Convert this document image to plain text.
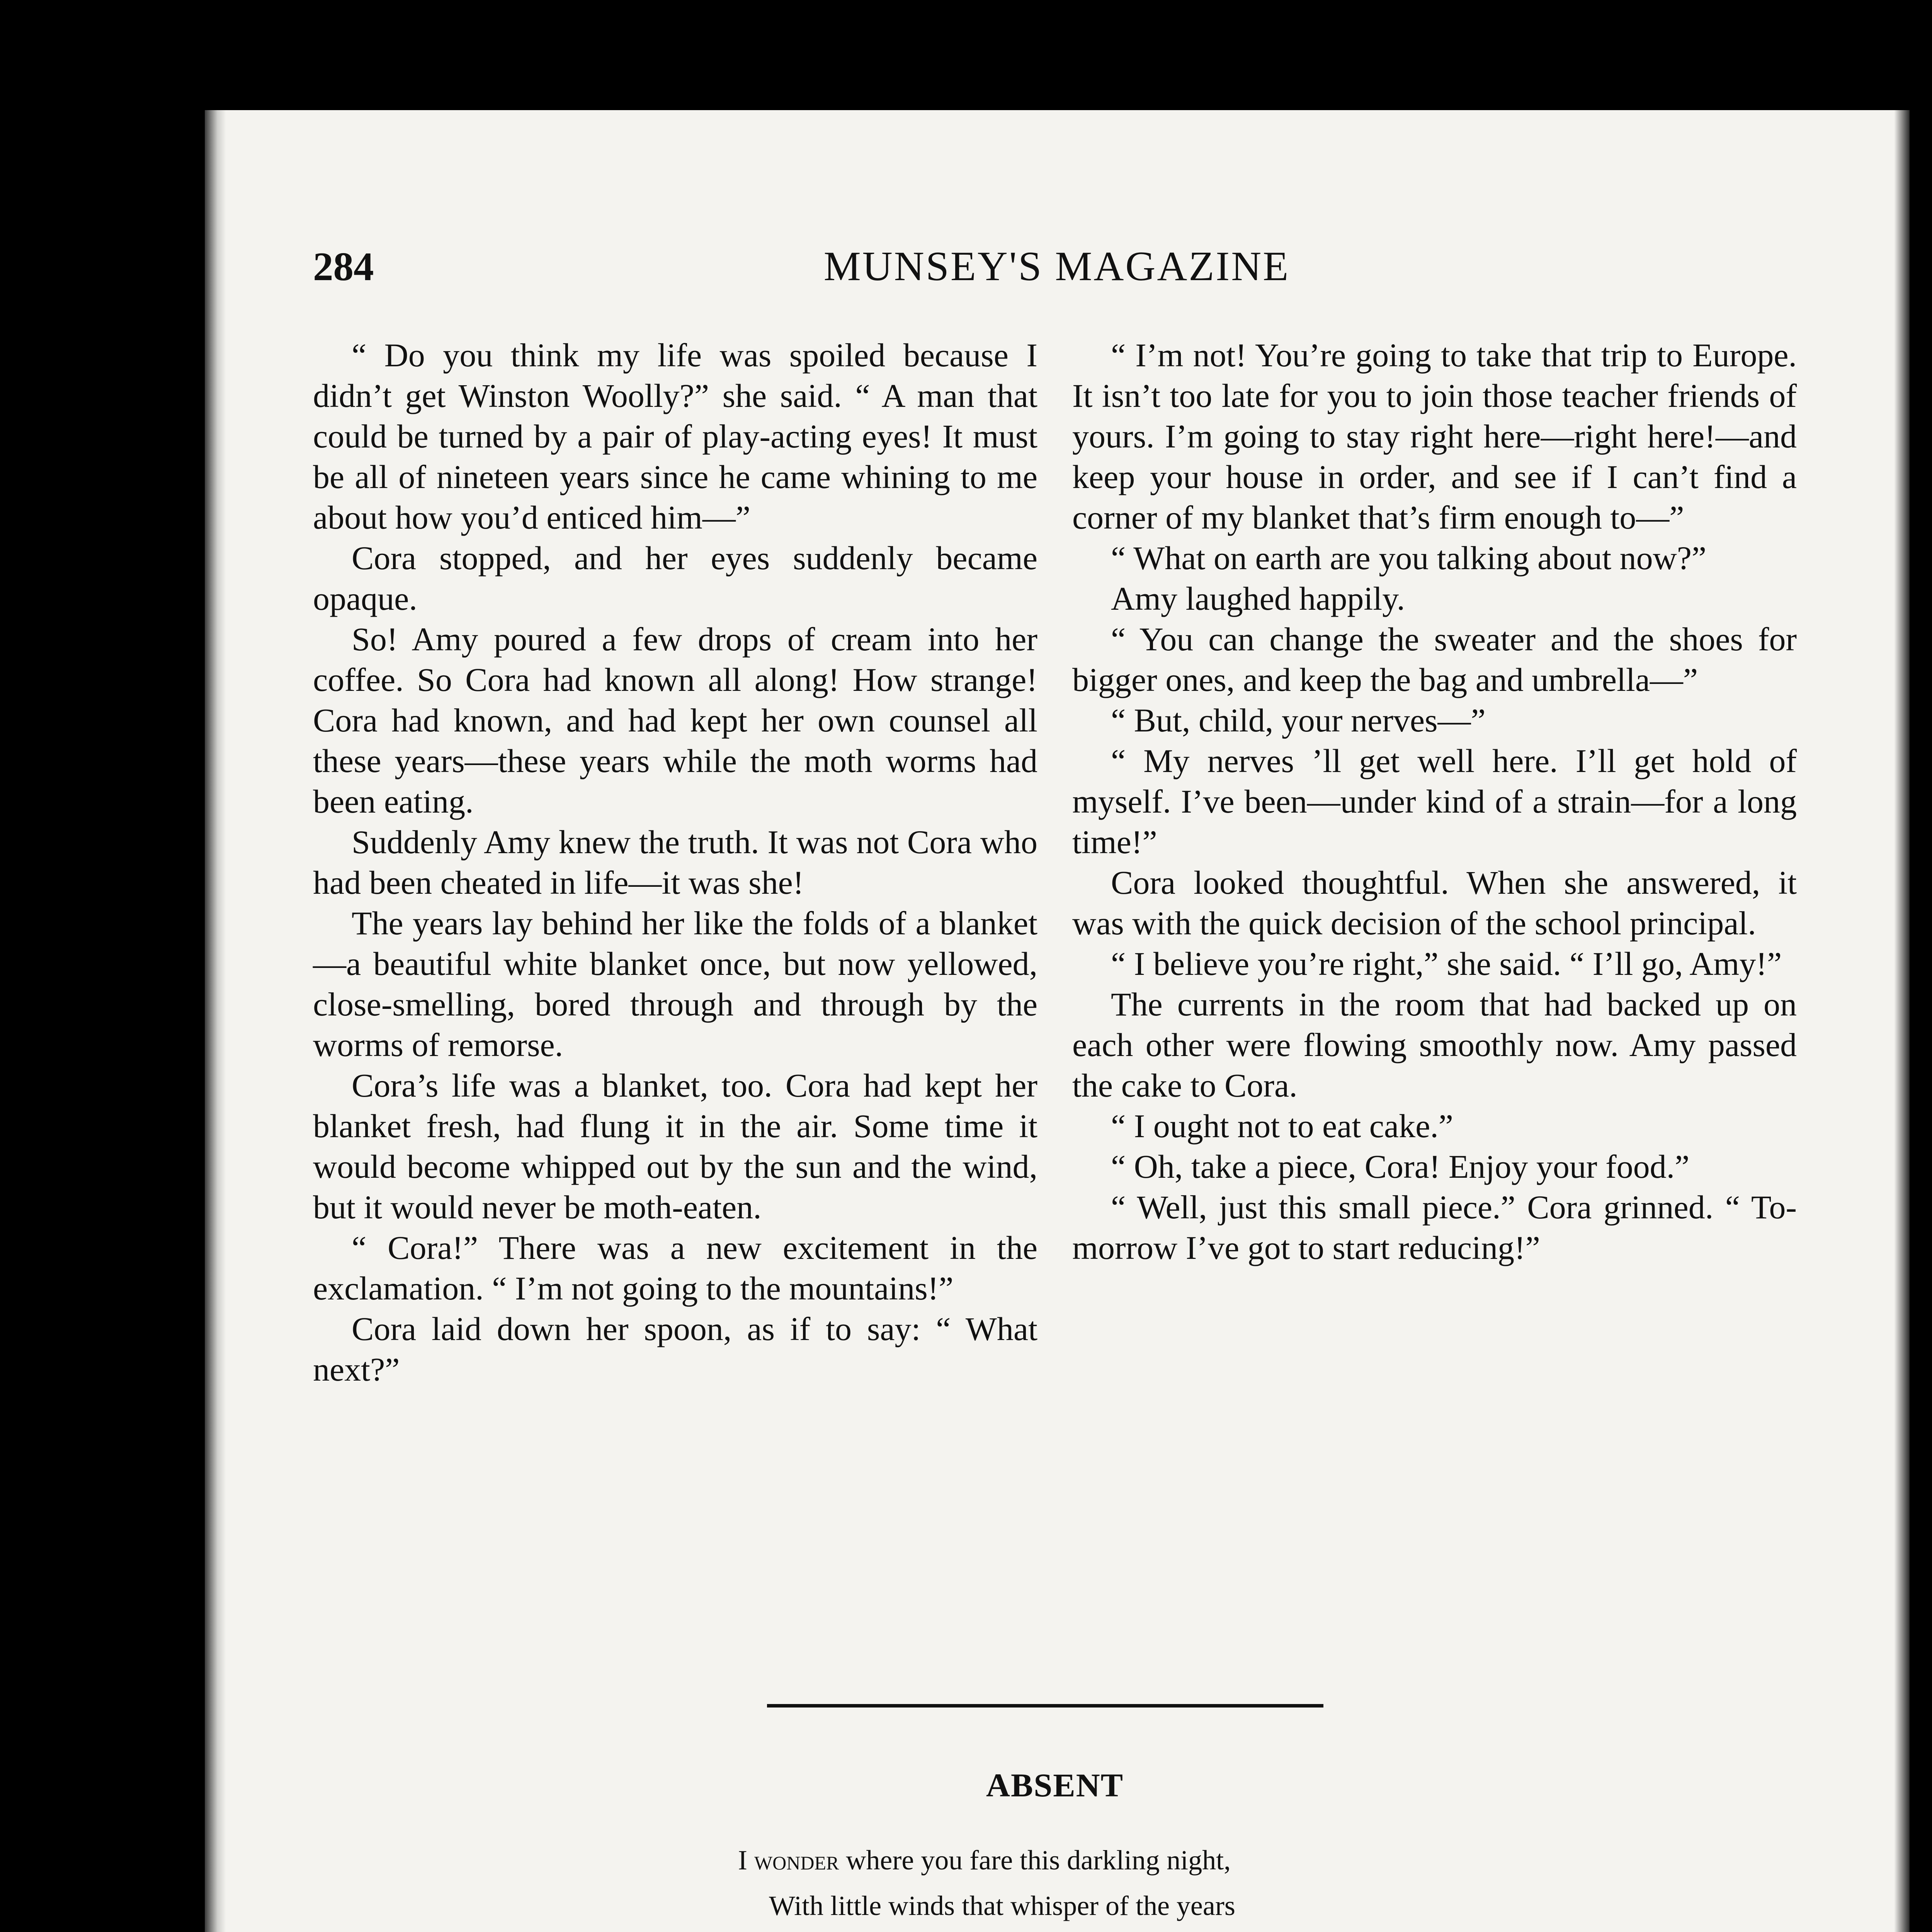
284	MUNSEY'S MAGAZINE

“ Do you think my life was spoiled because I didn’t get Winston Woolly?” she said. “ A man that could be turned by a pair of play-acting eyes! It must be all of nineteen years since he came whining to me about how you’d enticed him—”

Cora stopped, and her eyes suddenly became opaque.

So! Amy poured a few drops of cream into her coffee. So Cora had known all along! How strange! Cora had known, and had kept her own counsel all these years—these years while the moth worms had been eating.

Suddenly Amy knew the truth. It was not Cora who had been cheated in life—it was she!

The years lay behind her like the folds of a blanket—a beautiful white blanket once, but now yellowed, close-smelling, bored through and through by the worms of remorse.

Cora’s life was a blanket, too. Cora had kept her blanket fresh, had flung it in the air. Some time it would become whipped out by the sun and the wind, but it would never be moth-eaten.

“ Cora!” There was a new excitement in the exclamation. “ I’m not going to the mountains!”

Cora laid down her spoon, as if to say: “ What next?”

“ I’m not! You’re going to take that trip to Europe. It isn’t too late for you to join those teacher friends of yours. I’m going to stay right here—right here!—and keep your house in order, and see if I can’t find a corner of my blanket that’s firm enough to—”

“ What on earth are you talking about now?”

Amy laughed happily.

“ You can change the sweater and the shoes for bigger ones, and keep the bag and umbrella—”

“ But, child, your nerves—”

“ My nerves ’ll get well here. I’ll get hold of myself. I’ve been—under kind of a strain—for a long time!”

Cora looked thoughtful. When she answered, it was with the quick decision of the school principal.

“ I believe you’re right,” she said. “ I’ll go, Amy!”

The currents in the room that had backed up on each other were flowing smoothly now. Amy passed the cake to Cora.

“ I ought not to eat cake.”

“ Oh, take a piece, Cora! Enjoy your food.”

“ Well, just this small piece.” Cora grinned. “ To-morrow I’ve got to start reducing!”

ABSENT
I wonder where you fare this darkling night,
With little winds that whisper of the years
